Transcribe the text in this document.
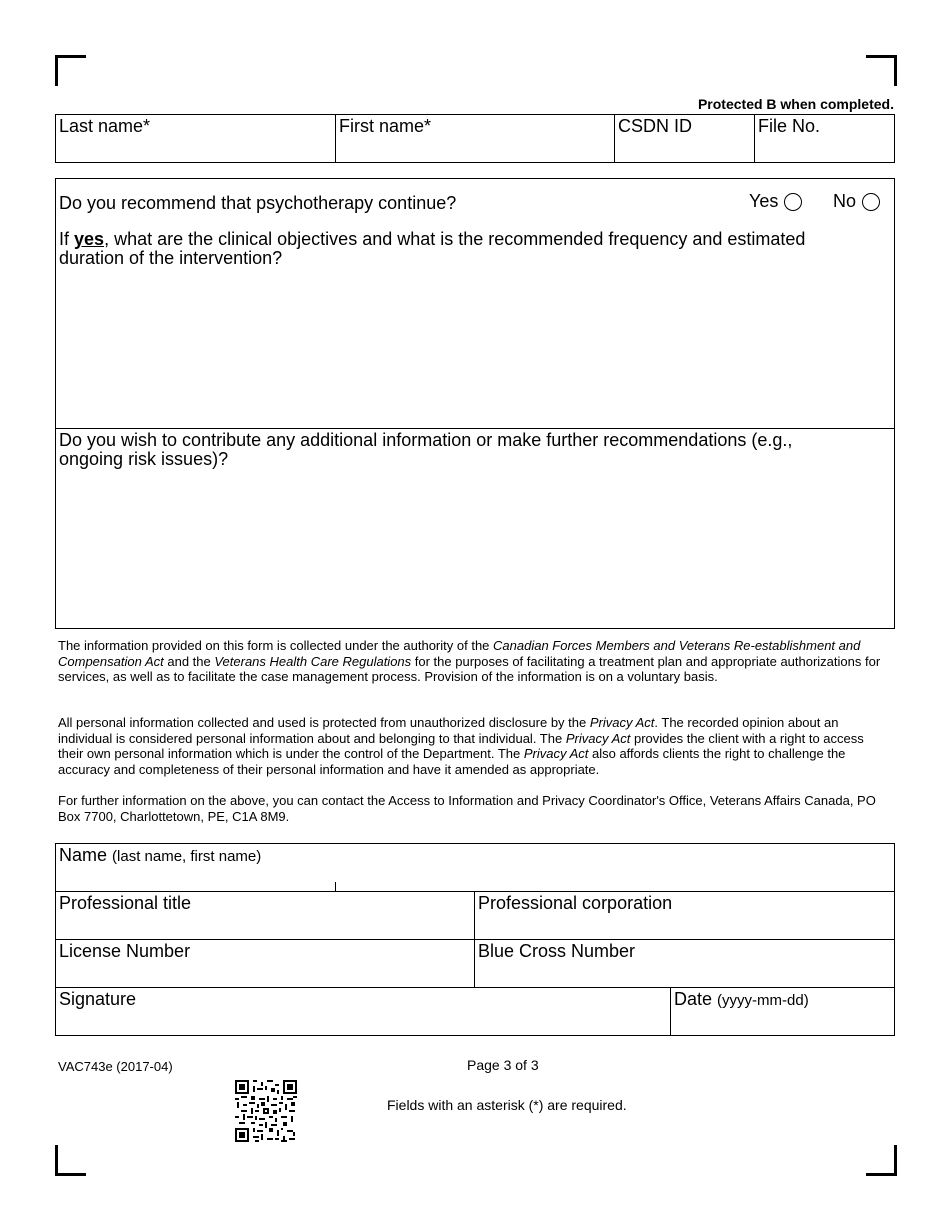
Protected B when completed.
Last name*	First name*	CSDN ID	File No.
Do you recommend that psychotherapy continue?	Yes	No
If yes, what are the clinical objectives and what is the recommended frequency and estimated duration of the intervention?
Do you wish to contribute any additional information or make further recommendations (e.g., ongoing risk issues)?
The information provided on this form is collected under the authority of the Canadian Forces Members and Veterans Re-establishment and Compensation Act and the Veterans Health Care Regulations for the purposes of facilitating a treatment plan and appropriate authorizations for services, as well as to facilitate the case management process. Provision of the information is on a voluntary basis.
All personal information collected and used is protected from unauthorized disclosure by the Privacy Act. The recorded opinion about an individual is considered personal information about and belonging to that individual. The Privacy Act provides the client with a right to access their own personal information which is under the control of the Department. The Privacy Act also affords clients the right to challenge the accuracy and completeness of their personal information and have it amended as appropriate.
For further information on the above, you can contact the Access to Information and Privacy Coordinator's Office, Veterans Affairs Canada, PO Box 7700, Charlottetown, PE, C1A 8M9.
Name (last name, first name)
Professional title	Professional corporation
License Number	Blue Cross Number
Signature	Date (yyyy-mm-dd)
VAC743e (2017-04)	Page 3 of 3
Fields with an asterisk (*) are required.
